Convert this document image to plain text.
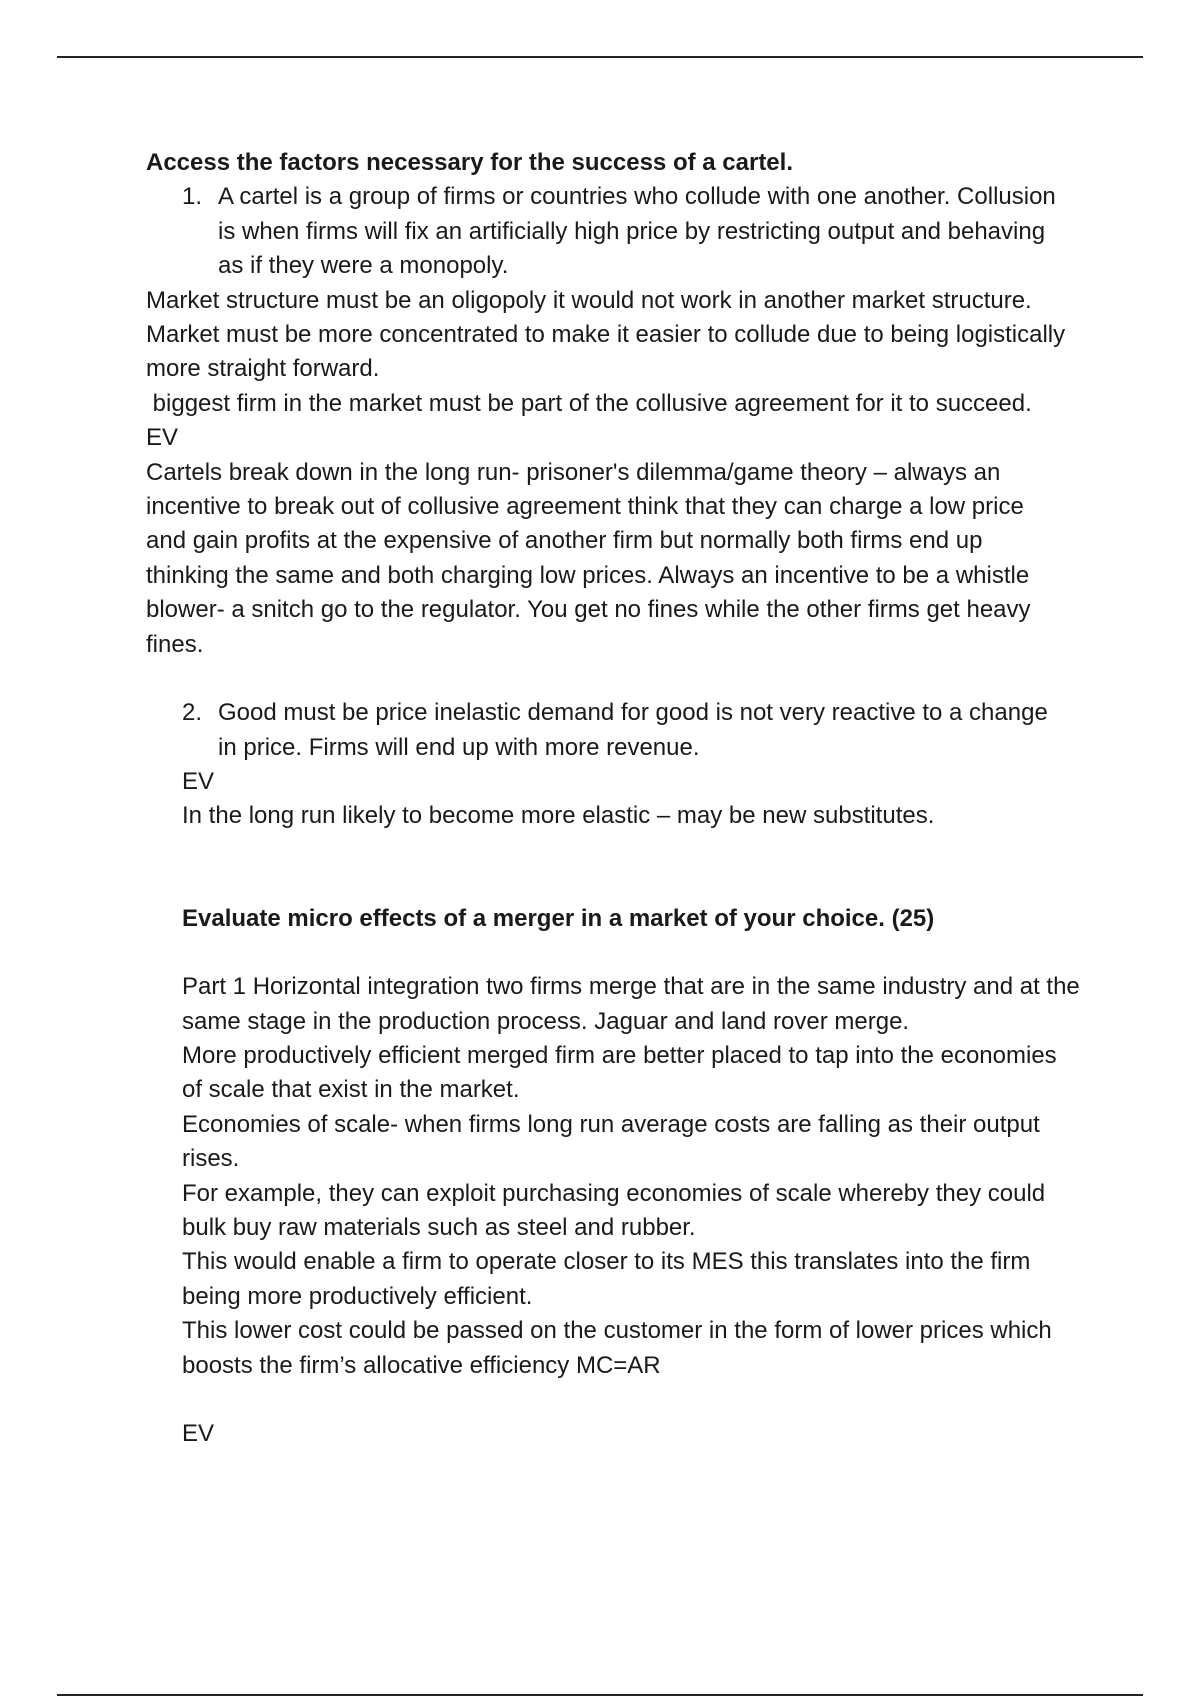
Access the factors necessary for the success of a cartel.

1. A cartel is a group of firms or countries who collude with one another. Collusion is when firms will fix an artificially high price by restricting output and behaving as if they were a monopoly.

Market structure must be an oligopoly it would not work in another market structure. Market must be more concentrated to make it easier to collude due to being logistically more straight forward.

biggest firm in the market must be part of the collusive agreement for it to succeed.

EV

Cartels break down in the long run- prisoner's dilemma/game theory – always an incentive to break out of collusive agreement think that they can charge a low price and gain profits at the expensive of another firm but normally both firms end up thinking the same and both charging low prices. Always an incentive to be a whistle blower- a snitch go to the regulator. You get no fines while the other firms get heavy fines.

2. Good must be price inelastic demand for good is not very reactive to a change in price. Firms will end up with more revenue.

EV

In the long run likely to become more elastic – may be new substitutes.

Evaluate micro effects of a merger in a market of your choice. (25)

Part 1 Horizontal integration two firms merge that are in the same industry and at the same stage in the production process. Jaguar and land rover merge.

More productively efficient merged firm are better placed to tap into the economies of scale that exist in the market.

Economies of scale- when firms long run average costs are falling as their output rises.

For example, they can exploit purchasing economies of scale whereby they could bulk buy raw materials such as steel and rubber.

This would enable a firm to operate closer to its MES this translates into the firm being more productively efficient.

This lower cost could be passed on the customer in the form of lower prices which boosts the firm’s allocative efficiency MC=AR

EV
